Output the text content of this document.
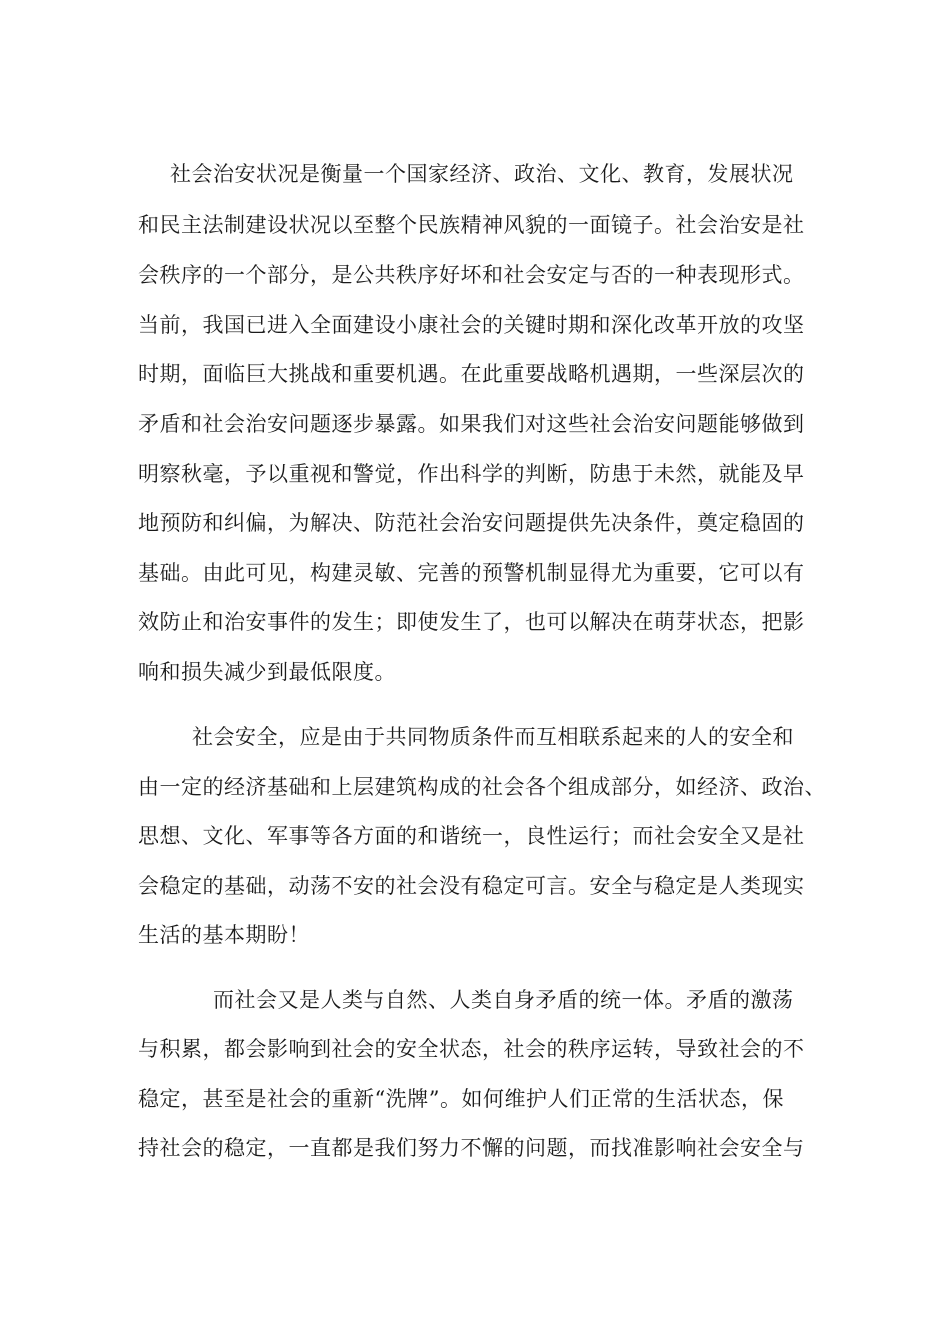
社会治安状况是衡量一个国家经济、政治、文化、教育，发展状况
和民主法制建设状况以至整个民族精神风貌的一面镜子。社会治安是社
会秩序的一个部分，是公共秩序好坏和社会安定与否的一种表现形式。
当前，我国已进入全面建设小康社会的关键时期和深化改革开放的攻坚
时期，面临巨大挑战和重要机遇。在此重要战略机遇期，一些深层次的
矛盾和社会治安问题逐步暴露。如果我们对这些社会治安问题能够做到
明察秋毫，予以重视和警觉，作出科学的判断，防患于未然，就能及早
地预防和纠偏，为解决、防范社会治安问题提供先决条件，奠定稳固的
基础。由此可见，构建灵敏、完善的预警机制显得尤为重要，它可以有
效防止和治安事件的发生；即使发生了，也可以解决在萌芽状态，把影
响和损失减少到最低限度。
社会安全，应是由于共同物质条件而互相联系起来的人的安全和
由一定的经济基础和上层建筑构成的社会各个组成部分，如经济、政治、
思想、文化、军事等各方面的和谐统一，良性运行；而社会安全又是社
会稳定的基础，动荡不安的社会没有稳定可言。安全与稳定是人类现实
生活的基本期盼！
而社会又是人类与自然、人类自身矛盾的统一体。矛盾的激荡
与积累，都会影响到社会的安全状态，社会的秩序运转，导致社会的不
稳定，甚至是社会的重新“洗牌”。如何维护人们正常的生活状态，保
持社会的稳定，一直都是我们努力不懈的问题，而找准影响社会安全与
